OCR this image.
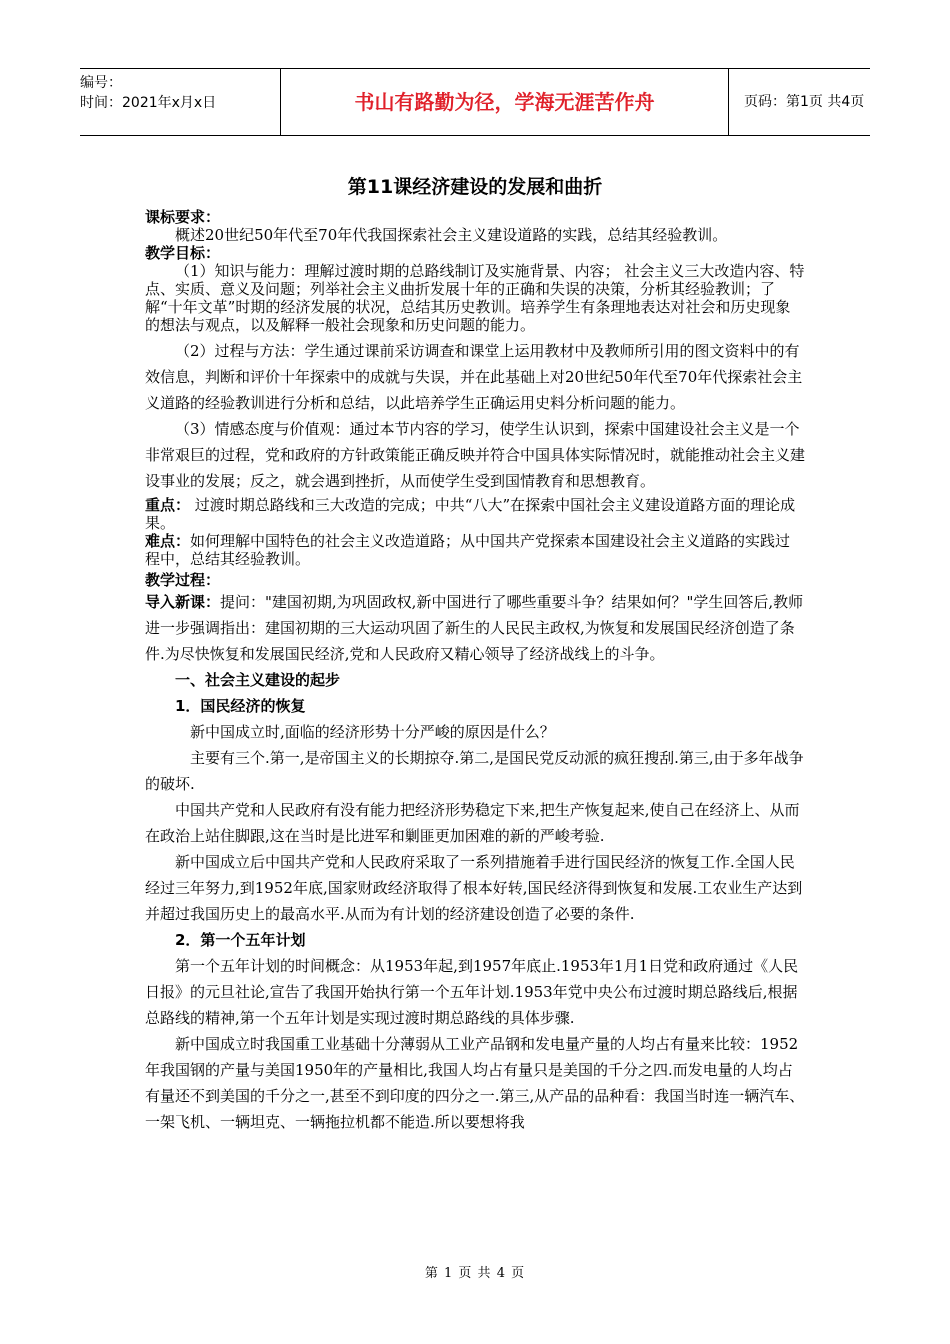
编号：
时间：2021年x月x日	书山有路勤为径，学海无涯苦作舟	页码：第1页 共4页
第11课经济建设的发展和曲折

课标要求：

概述20世纪50年代至70年代我国探索社会主义建设道路的实践，总结其经验教训。

教学目标：

（1）知识与能力：理解过渡时期的总路线制订及实施背景、内容； 社会主义三大改造内容、特点、实质、意义及问题；列举社会主义曲折发展十年的正确和失误的决策，分析其经验教训；了解“十年文革”时期的经济发展的状况，总结其历史教训。培养学生有条理地表达对社会和历史现象的想法与观点，以及解释一般社会现象和历史问题的能力。

（2）过程与方法：学生通过课前采访调查和课堂上运用教材中及教师所引用的图文资料中的有效信息，判断和评价十年探索中的成就与失误，并在此基础上对20世纪50年代至70年代探索社会主义道路的经验教训进行分析和总结，以此培养学生正确运用史料分析问题的能力。

（3）情感态度与价值观：通过本节内容的学习，使学生认识到，探索中国建设社会主义是一个非常艰巨的过程，党和政府的方针政策能正确反映并符合中国具体实际情况时，就能推动社会主义建设事业的发展；反之，就会遇到挫折，从而使学生受到国情教育和思想教育。

重点： 过渡时期总路线和三大改造的完成；中共“八大”在探索中国社会主义建设道路方面的理论成果。

难点：如何理解中国特色的社会主义改造道路；从中国共产党探索本国建设社会主义道路的实践过程中，总结其经验教训。

教学过程：

导入新课：提问："建国初期,为巩固政权,新中国进行了哪些重要斗争？结果如何？"学生回答后,教师进一步强调指出：建国初期的三大运动巩固了新生的人民民主政权,为恢复和发展国民经济创造了条件.为尽快恢复和发展国民经济,党和人民政府又精心领导了经济战线上的斗争。

一、社会主义建设的起步

1．国民经济的恢复

新中国成立时,面临的经济形势十分严峻的原因是什么？

主要有三个.第一,是帝国主义的长期掠夺.第二,是国民党反动派的疯狂搜刮.第三,由于多年战争的破坏.

中国共产党和人民政府有没有能力把经济形势稳定下来,把生产恢复起来,使自己在经济上、从而在政治上站住脚跟,这在当时是比进军和剿匪更加困难的新的严峻考验.

新中国成立后中国共产党和人民政府采取了一系列措施着手进行国民经济的恢复工作.全国人民经过三年努力,到1952年底,国家财政经济取得了根本好转,国民经济得到恢复和发展.工农业生产达到并超过我国历史上的最高水平.从而为有计划的经济建设创造了必要的条件.

2．第一个五年计划

第一个五年计划的时间概念：从1953年起,到1957年底止.1953年1月1日党和政府通过《人民日报》的元旦社论,宣告了我国开始执行第一个五年计划.1953年党中央公布过渡时期总路线后,根据总路线的精神,第一个五年计划是实现过渡时期总路线的具体步骤.

新中国成立时我国重工业基础十分薄弱从工业产品钢和发电量产量的人均占有量来比较：1952年我国钢的产量与美国1950年的产量相比,我国人均占有量只是美国的千分之四.而发电量的人均占有量还不到美国的千分之一,甚至不到印度的四分之一.第三,从产品的品种看：我国当时连一辆汽车、一架飞机、一辆坦克、一辆拖拉机都不能造.所以要想将我

第 1 页 共 4 页
